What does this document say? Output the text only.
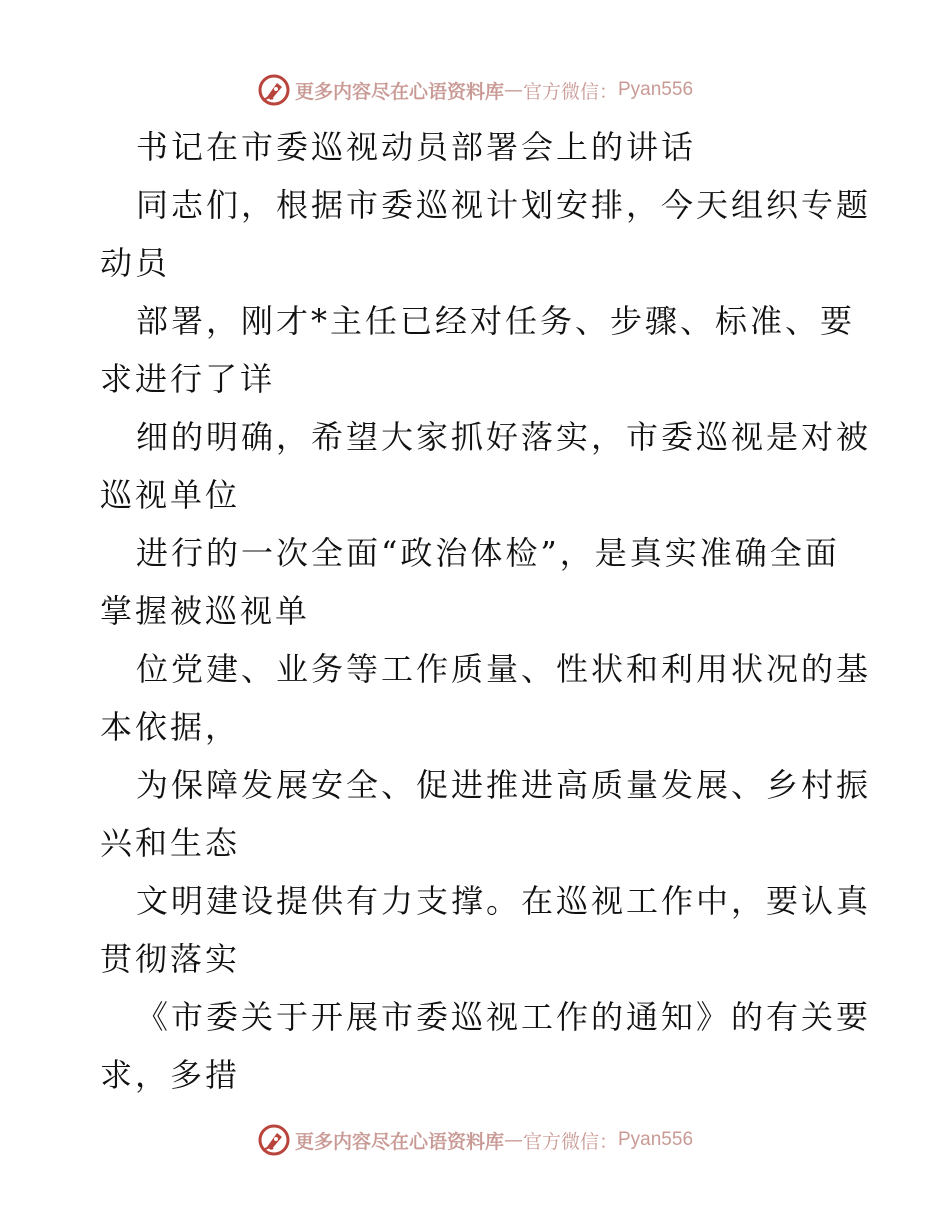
更多内容尽在心语资料库 — 官方微信： Pyan556
书记在市委巡视动员部署会上的讲话
同志们，根据市委巡视计划安排，今天组织专题
动员
部署，刚才*主任已经对任务、步骤、标准、要
求进行了详
细的明确，希望大家抓好落实，市委巡视是对被
巡视单位
进行的一次全面“政治体检”，是真实准确全面
掌握被巡视单
位党建、业务等工作质量、性状和利用状况的基
本依据，
为保障发展安全、促进推进高质量发展、乡村振
兴和生态
文明建设提供有力支撑。在巡视工作中，要认真
贯彻落实
《市委关于开展市委巡视工作的通知》的有关要
求，多措
更多内容尽在心语资料库 — 官方微信： Pyan556
